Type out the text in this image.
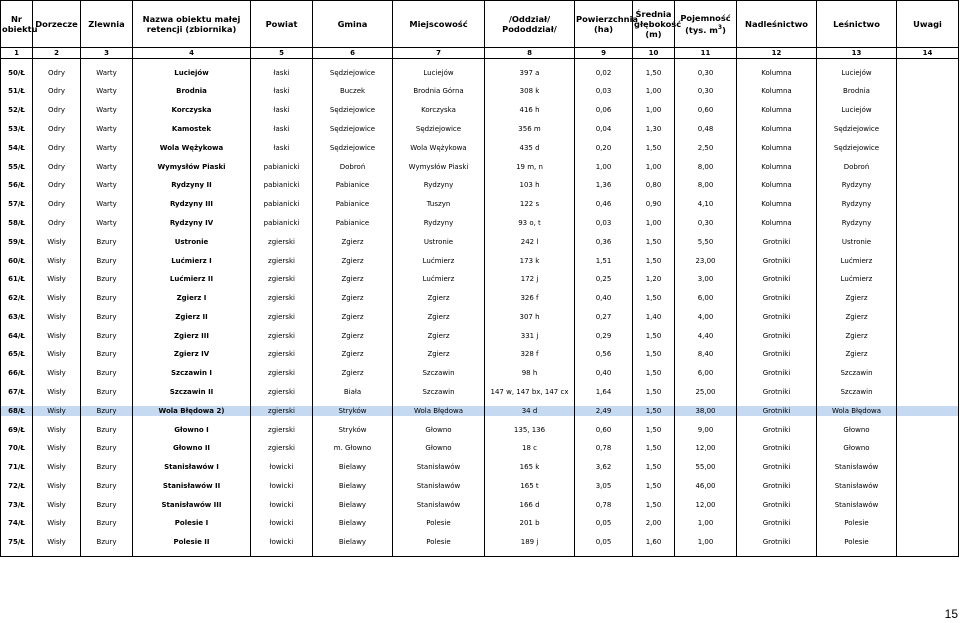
Nr obiektu	Dorzecze	Zlewnia	Nazwa obiektu małej retencji (zbiornika)	Powiat	Gmina	Miejscowość	/Oddział/ Pododdział/	Powierzchnia (ha)	Średnia głębokość (m)	Pojemność (tys. $m^3$)	Nadleśnictwo	Leśnictwo	Uwagi
1	2	3	4	5	6	7	8	9	10	11	12	13	14

50/Ł	Odry	Warty	Luciejów	łaski	Sędziejowice	Luciejów	397 a	0,02	1,50	0,30	Kolumna	Luciejów	

51/Ł	Odry	Warty	Brodnia	łaski	Buczek	Brodnia Górna	308 k	0,03	1,00	0,30	Kolumna	Brodnia	

52/Ł	Odry	Warty	Korczyska	łaski	Sędziejowice	Korczyska	416 h	0,06	1,00	0,60	Kolumna	Luciejów	

53/Ł	Odry	Warty	Kamostek	łaski	Sędziejowice	Sędziejowice	356 m	0,04	1,30	0,48	Kolumna	Sędziejowice	

54/Ł	Odry	Warty	Wola Wężykowa	łaski	Sędziejowice	Wola Wężykowa	435 d	0,20	1,50	2,50	Kolumna	Sędziejowice	

55/Ł	Odry	Warty	Wymysłów Piaski	pabianicki	Dobroń	Wymysłów Piaski	19 m, n	1,00	1,00	8,00	Kolumna	Dobroń	

56/Ł	Odry	Warty	Rydzyny II	pabianicki	Pabianice	Rydzyny	103 h	1,36	0,80	8,00	Kolumna	Rydzyny	

57/Ł	Odry	Warty	Rydzyny III	pabianicki	Pabianice	Tuszyn	122 s	0,46	0,90	4,10	Kolumna	Rydzyny	

58/Ł	Odry	Warty	Rydzyny IV	pabianicki	Pabianice	Rydzyny	93 o, t	0,03	1,00	0,30	Kolumna	Rydzyny	

59/Ł	Wisły	Bzury	Ustronie	zgierski	Zgierz	Ustronie	242 l	0,36	1,50	5,50	Grotniki	Ustronie	

60/Ł	Wisły	Bzury	Lućmierz I	zgierski	Zgierz	Lućmierz	173 k	1,51	1,50	23,00	Grotniki	Lućmierz	

61/Ł	Wisły	Bzury	Lućmierz II	zgierski	Zgierz	Lućmierz	172 j	0,25	1,20	3,00	Grotniki	Lućmierz	

62/Ł	Wisły	Bzury	Zgierz I	zgierski	Zgierz	Zgierz	326 f	0,40	1,50	6,00	Grotniki	Zgierz	

63/Ł	Wisły	Bzury	Zgierz II	zgierski	Zgierz	Zgierz	307 h	0,27	1,40	4,00	Grotniki	Zgierz	

64/Ł	Wisły	Bzury	Zgierz III	zgierski	Zgierz	Zgierz	331 j	0,29	1,50	4,40	Grotniki	Zgierz	

65/Ł	Wisły	Bzury	Zgierz IV	zgierski	Zgierz	Zgierz	328 f	0,56	1,50	8,40	Grotniki	Zgierz	

66/Ł	Wisły	Bzury	Szczawin I	zgierski	Zgierz	Szczawin	98 h	0,40	1,50	6,00	Grotniki	Szczawin	

67/Ł	Wisły	Bzury	Szczawin II	zgierski	Biała	Szczawin	147 w, 147 bx, 147 cx	1,64	1,50	25,00	Grotniki	Szczawin	

68/Ł	Wisły	Bzury	Wola Błędowa 2)	zgierski	Stryków	Wola Błędowa	34 d	2,49	1,50	38,00	Grotniki	Wola Błędowa	

69/Ł	Wisły	Bzury	Głowno I	zgierski	Stryków	Głowno	135, 136	0,60	1,50	9,00	Grotniki	Głowno	

70/Ł	Wisły	Bzury	Głowno II	zgierski	m. Głowno	Głowno	18 c	0,78	1,50	12,00	Grotniki	Głowno	

71/Ł	Wisły	Bzury	Stanisławów I	łowicki	Bielawy	Stanisławów	165 k	3,62	1,50	55,00	Grotniki	Stanisławów	

72/Ł	Wisły	Bzury	Stanisławów II	łowicki	Bielawy	Stanisławów	165 t	3,05	1,50	46,00	Grotniki	Stanisławów	

73/Ł	Wisły	Bzury	Stanisławów III	łowicki	Bielawy	Stanisławów	166 d	0,78	1,50	12,00	Grotniki	Stanisławów	

74/Ł	Wisły	Bzury	Polesie I	łowicki	Bielawy	Polesie	201 b	0,05	2,00	1,00	Grotniki	Polesie	

75/Ł	Wisły	Bzury	Polesie II	łowicki	Bielawy	Polesie	189 j	0,05	1,60	1,00	Grotniki	Polesie	

15
